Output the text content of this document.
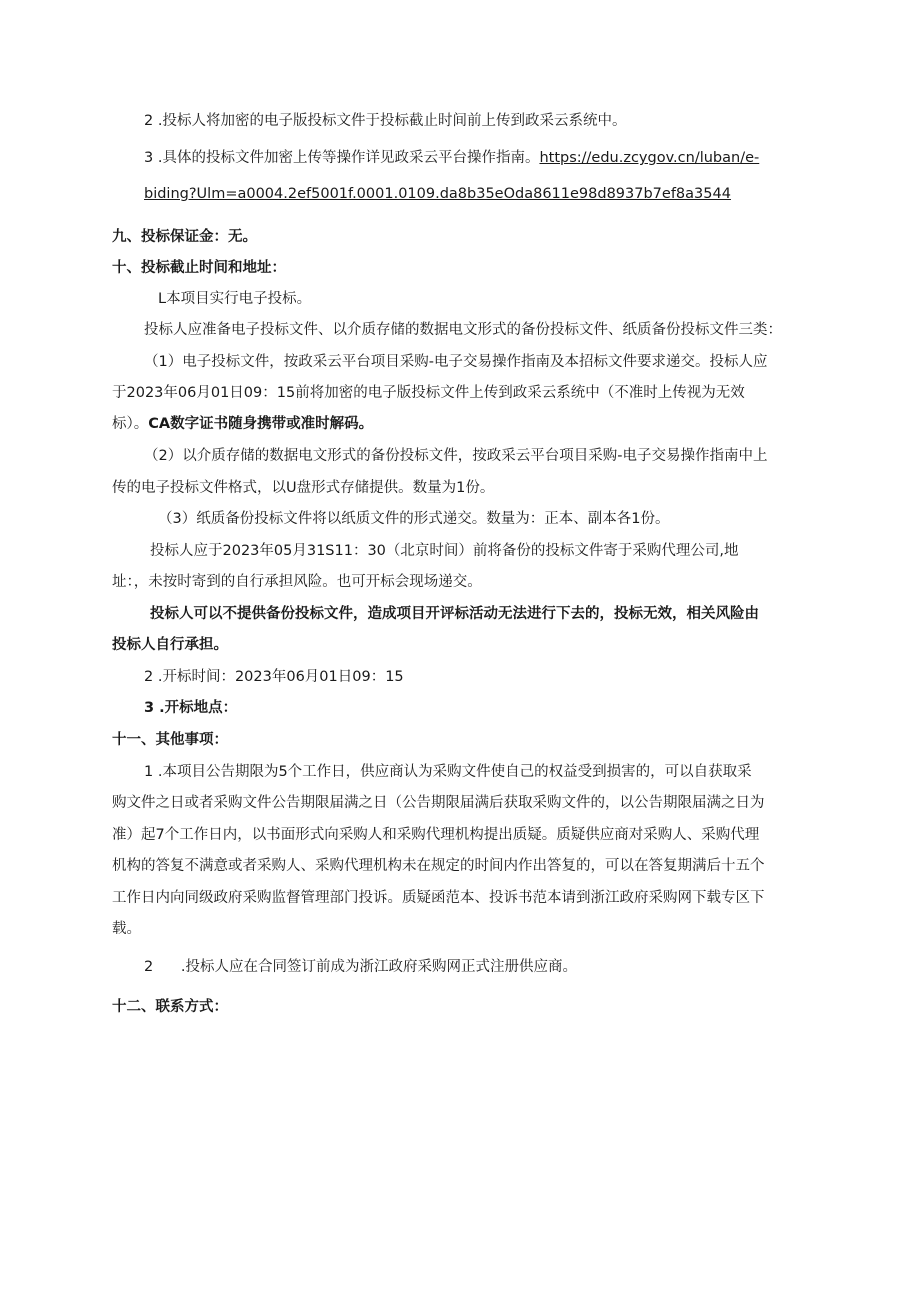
2 .投标人将加密的电子版投标文件于投标截止时间前上传到政采云系统中。
3 .具体的投标文件加密上传等操作详见政采云平台操作指南。https://edu.zcygov.cn/luban/e-
biding?Ulm=a0004.2ef5001f.0001.0109.da8b35eOda8611e98d8937b7ef8a3544
九、投标保证金：无。
十、投标截止时间和地址：
L本项目实行电子投标。
投标人应准备电子投标文件、以介质存储的数据电文形式的备份投标文件、纸质备份投标文件三类：
（1）电子投标文件，按政采云平台项目采购-电子交易操作指南及本招标文件要求递交。投标人应
于2023年06月01日09：15前将加密的电子版投标文件上传到政采云系统中（不准时上传视为无效
标）。CA数字证书随身携带或准时解码。
（2）以介质存储的数据电文形式的备份投标文件，按政采云平台项目采购-电子交易操作指南中上
传的电子投标文件格式，以U盘形式存储提供。数量为1份。
（3）纸质备份投标文件将以纸质文件的形式递交。数量为：正本、副本各1份。
投标人应于2023年05月31S11：30（北京时间）前将备份的投标文件寄于采购代理公司,地
址：，未按时寄到的自行承担风险。也可开标会现场递交。
投标人可以不提供备份投标文件，造成项目开评标活动无法进行下去的，投标无效，相关风险由
投标人自行承担。
2 .开标时间：2023年06月01日09：15
3 .开标地点：
十一、其他事项：
1 .本项目公告期限为5个工作日，供应商认为采购文件使自己的权益受到损害的，可以自获取采
购文件之日或者采购文件公告期限届满之日（公告期限届满后获取采购文件的，以公告期限届满之日为
准）起7个工作日内，以书面形式向采购人和采购代理机构提出质疑。质疑供应商对采购人、采购代理
机构的答复不满意或者采购人、采购代理机构未在规定的时间内作出答复的，可以在答复期满后十五个
工作日内向同级政府采购监督管理部门投诉。质疑函范本、投诉书范本请到浙江政府采购网下载专区下
载。
2      .投标人应在合同签订前成为浙江政府采购网正式注册供应商。
十二、联系方式：
